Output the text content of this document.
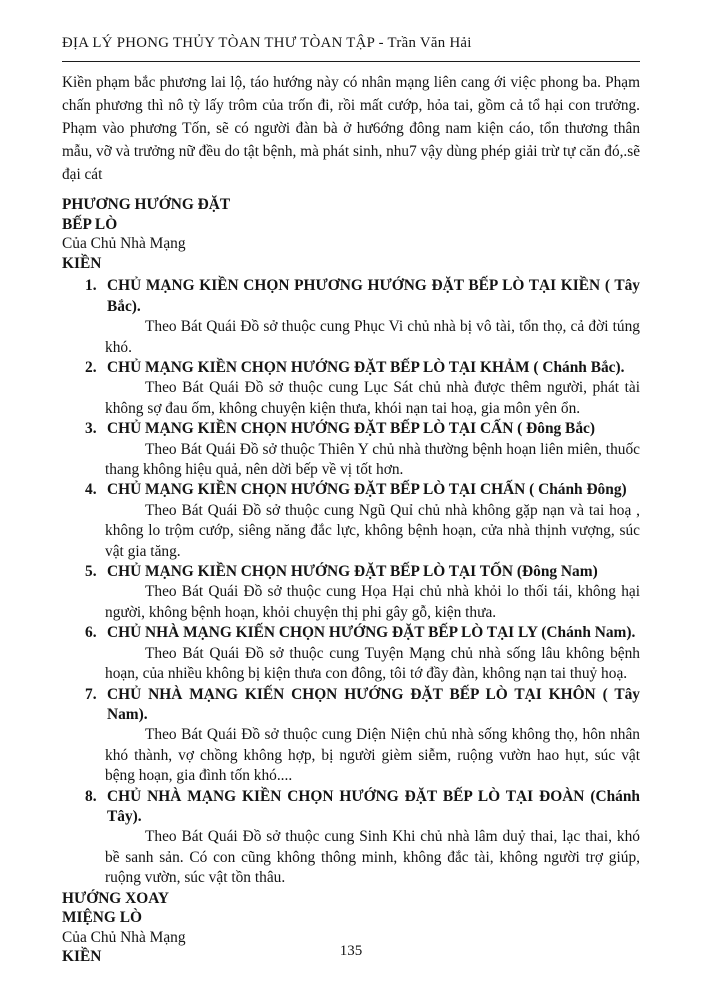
ĐỊA LÝ PHONG THỦY TÒAN THƯ TÒAN TẬP - Trần Văn Hải
Kiền phạm bắc phương lai lộ, táo hướng này có nhân mạng liên cang ới việc phong ba. Phạm chấn phương thì nô tỳ lấy trôm của trốn đi, rồi mất cướp, hỏa tai, gồm cả tổ hại con trưởng. Phạm vào phương Tốn, sẽ có người đàn bà ở hư6ớng đông nam kiện cáo, tổn thương thân mẫu, vỡ và trưởng nữ đều do tật bệnh, mà phát sinh, nhu7 vậy dùng phép giải trừ tự căn đó,.sẽ đại cát
PHƯƠNG HƯỚNG ĐẶT
BẾP LÒ
Của Chủ Nhà Mạng
KIỀN
1. CHỦ MẠNG KIỀN CHỌN PHƯƠNG HƯỚNG ĐẶT BẾP LÒ TẠI KIỀN ( Tây Bắc).
Theo Bát Quái Đồ sở thuộc cung Phục Vi chủ nhà bị vô tài, tổn thọ, cả đời túng khó.
2. CHỦ MẠNG KIỀN CHỌN HƯỚNG ĐẶT BẾP LÒ TẠI KHẢM ( Chánh Bắc).
Theo Bát Quái Đồ sở thuộc cung Lục Sát chủ nhà được thêm người, phát tài không sợ đau ốm, không chuyện kiện thưa, khói nạn tai hoạ, gia môn yên ổn.
3. CHỦ MẠNG KIỀN CHỌN HƯỚNG ĐẶT BẾP LÒ TẠI CẤN ( Đông Bắc)
Theo Bát Quái Đồ sở thuộc Thiên Y chủ nhà thường bệnh hoạn liên miên, thuốc thang không hiệu quả, nên dời bếp về vị tốt hơn.
4. CHỦ MẠNG KIỀN CHỌN HƯỚNG ĐẶT BẾP LÒ TẠI CHẤN ( Chánh Đông)
Theo Bát Quái Đồ sở thuộc cung Ngũ Quỉ chủ nhà không gặp nạn và tai hoạ , không lo trộm cướp, siêng năng đắc lực, không bệnh hoạn, cửa nhà thịnh vượng, súc vật gia tăng.
5. CHỦ MẠNG KIỀN CHỌN HƯỚNG ĐẶT BẾP LÒ TẠI TỐN (Đông Nam)
Theo Bát Quái Đồ sở thuộc cung Họa Hại chủ nhà khỏi lo thối tái, không hại người, không bệnh hoạn, khỏi chuyện thị phi gây gỗ, kiện thưa.
6. CHỦ NHÀ MẠNG KIẾN CHỌN HƯỚNG ĐẶT BẾP LÒ TẠI LY (Chánh Nam).
Theo Bát Quái Đồ sở thuộc cung Tuyện Mạng chủ nhà sống lâu không bệnh hoạn, của nhiều không bị kiện thưa con đông, tôi tớ đầy đàn, không nạn tai thuỷ hoạ.
7. CHỦ NHÀ MẠNG KIẾN CHỌN HƯỚNG ĐẶT BẾP LÒ TẠI KHÔN ( Tây Nam).
Theo Bát Quái Đồ sở thuộc cung Diện Niện chủ nhà sống không thọ, hôn nhân khó thành, vợ chồng không hợp, bị người gièm siễm, ruộng vườn hao hụt, súc vật bệng hoạn, gia đình tốn khó....
8. CHỦ NHÀ MẠNG KIỀN CHỌN HƯỚNG ĐẶT BẾP LÒ TẠI ĐOÀN (Chánh Tây).
Theo Bát Quái Đồ sở thuộc cung Sinh Khi chủ nhà lâm duỷ thai, lạc thai, khó bề sanh sản. Có con cũng không thông minh, không đắc tài, không người trợ giúp, ruộng vườn, súc vật tồn thâu.
HƯỚNG XOAY
MIỆNG LÒ
Của Chủ Nhà Mạng
KIỀN	135
